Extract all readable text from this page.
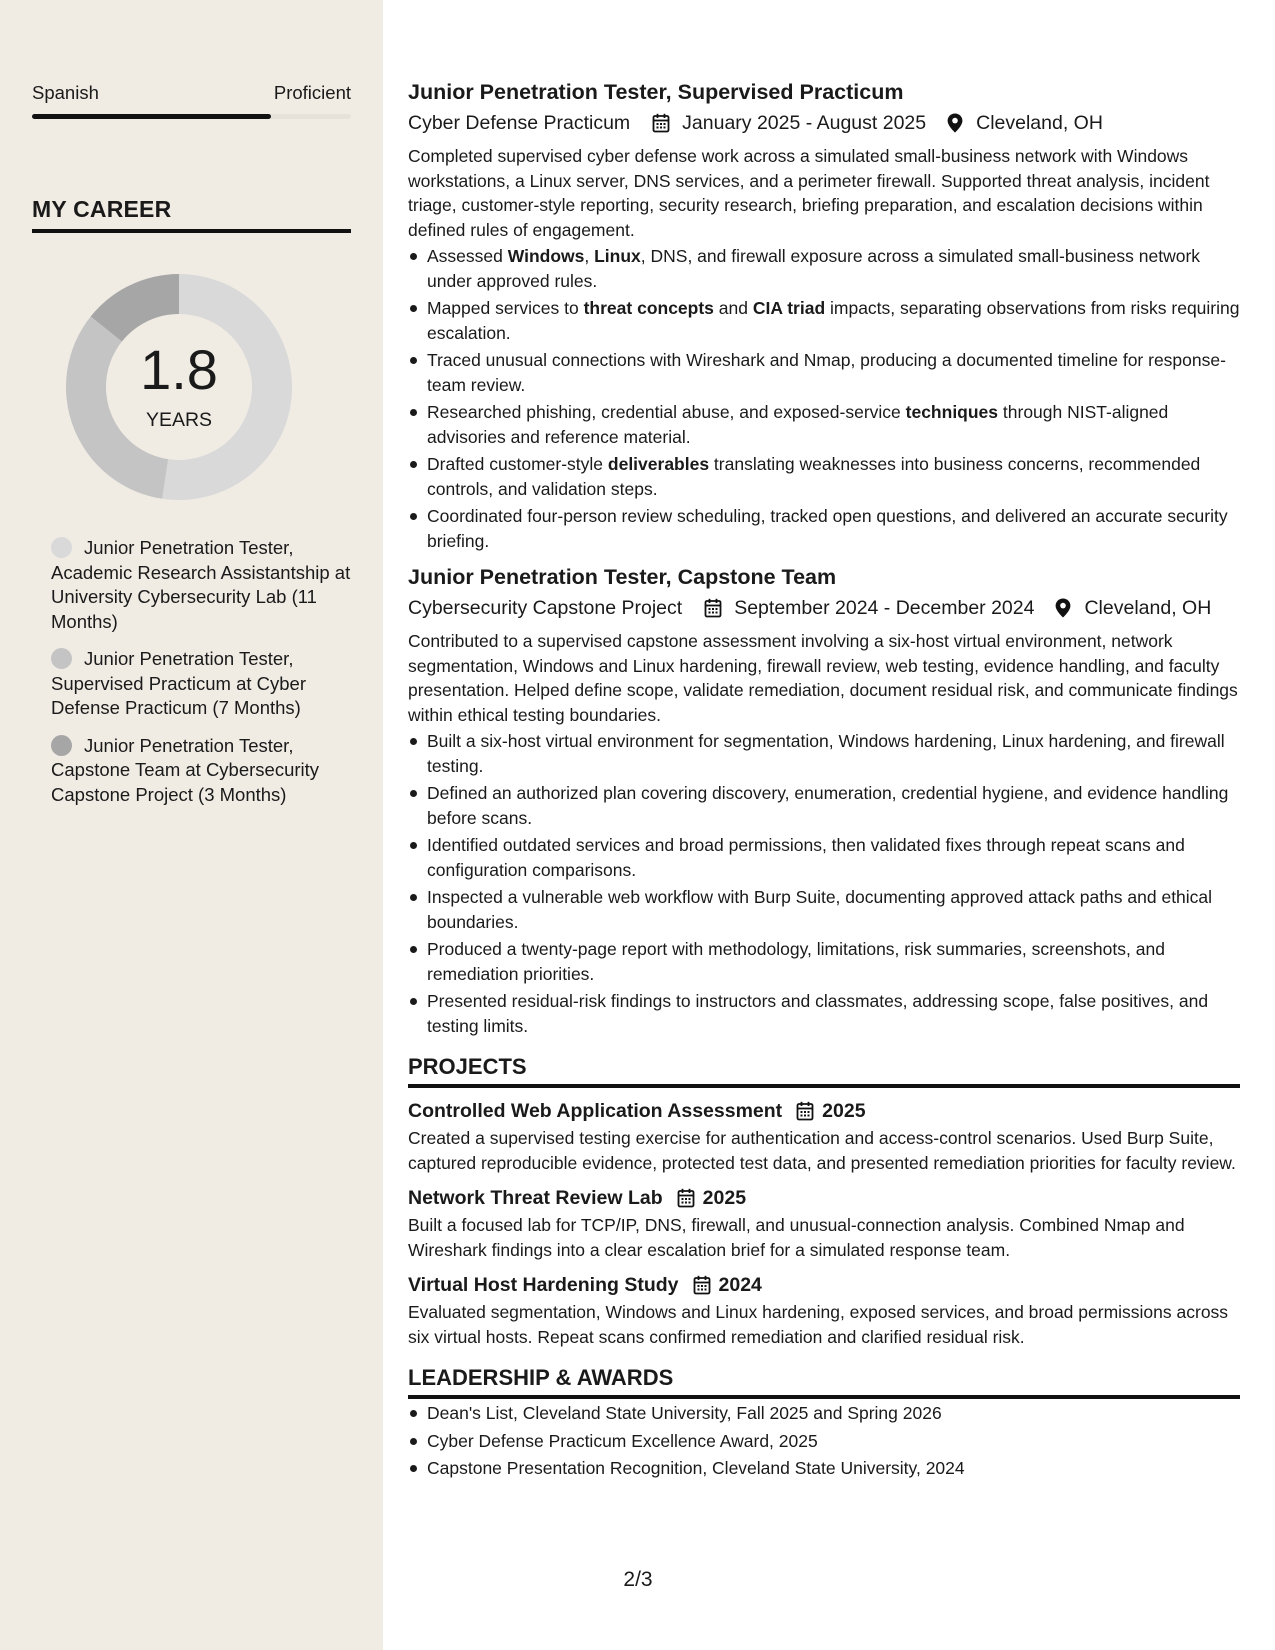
Spanish	Proficient
MY CAREER
1.8
YEARS
Junior Penetration Tester, Academic Research Assistantship at University Cybersecurity Lab (11 Months)
Junior Penetration Tester, Supervised Practicum at Cyber Defense Practicum (7 Months)
Junior Penetration Tester, Capstone Team at Cybersecurity Capstone Project (3 Months)
Junior Penetration Tester, Supervised Practicum
Cyber Defense Practicum	January 2025 - August 2025	Cleveland, OH
Completed supervised cyber defense work across a simulated small-business network with Windows workstations, a Linux server, DNS services, and a perimeter firewall. Supported threat analysis, incident triage, customer-style reporting, security research, briefing preparation, and escalation decisions within defined rules of engagement.
Assessed Windows, Linux, DNS, and firewall exposure across a simulated small-business network under approved rules.
Mapped services to threat concepts and CIA triad impacts, separating observations from risks requiring escalation.
Traced unusual connections with Wireshark and Nmap, producing a documented timeline for response-team review.
Researched phishing, credential abuse, and exposed-service techniques through NIST-aligned advisories and reference material.
Drafted customer-style deliverables translating weaknesses into business concerns, recommended controls, and validation steps.
Coordinated four-person review scheduling, tracked open questions, and delivered an accurate security briefing.
Junior Penetration Tester, Capstone Team
Cybersecurity Capstone Project	September 2024 - December 2024	Cleveland, OH
Contributed to a supervised capstone assessment involving a six-host virtual environment, network segmentation, Windows and Linux hardening, firewall review, web testing, evidence handling, and faculty presentation. Helped define scope, validate remediation, document residual risk, and communicate findings within ethical testing boundaries.
Built a six-host virtual environment for segmentation, Windows hardening, Linux hardening, and firewall testing.
Defined an authorized plan covering discovery, enumeration, credential hygiene, and evidence handling before scans.
Identified outdated services and broad permissions, then validated fixes through repeat scans and configuration comparisons.
Inspected a vulnerable web workflow with Burp Suite, documenting approved attack paths and ethical boundaries.
Produced a twenty-page report with methodology, limitations, risk summaries, screenshots, and remediation priorities.
Presented residual-risk findings to instructors and classmates, addressing scope, false positives, and testing limits.
PROJECTS
Controlled Web Application Assessment 2025
Created a supervised testing exercise for authentication and access-control scenarios. Used Burp Suite, captured reproducible evidence, protected test data, and presented remediation priorities for faculty review.
Network Threat Review Lab 2025
Built a focused lab for TCP/IP, DNS, firewall, and unusual-connection analysis. Combined Nmap and Wireshark findings into a clear escalation brief for a simulated response team.
Virtual Host Hardening Study 2024
Evaluated segmentation, Windows and Linux hardening, exposed services, and broad permissions across six virtual hosts. Repeat scans confirmed remediation and clarified residual risk.
LEADERSHIP & AWARDS
Dean's List, Cleveland State University, Fall 2025 and Spring 2026
Cyber Defense Practicum Excellence Award, 2025
Capstone Presentation Recognition, Cleveland State University, 2024
2/3
